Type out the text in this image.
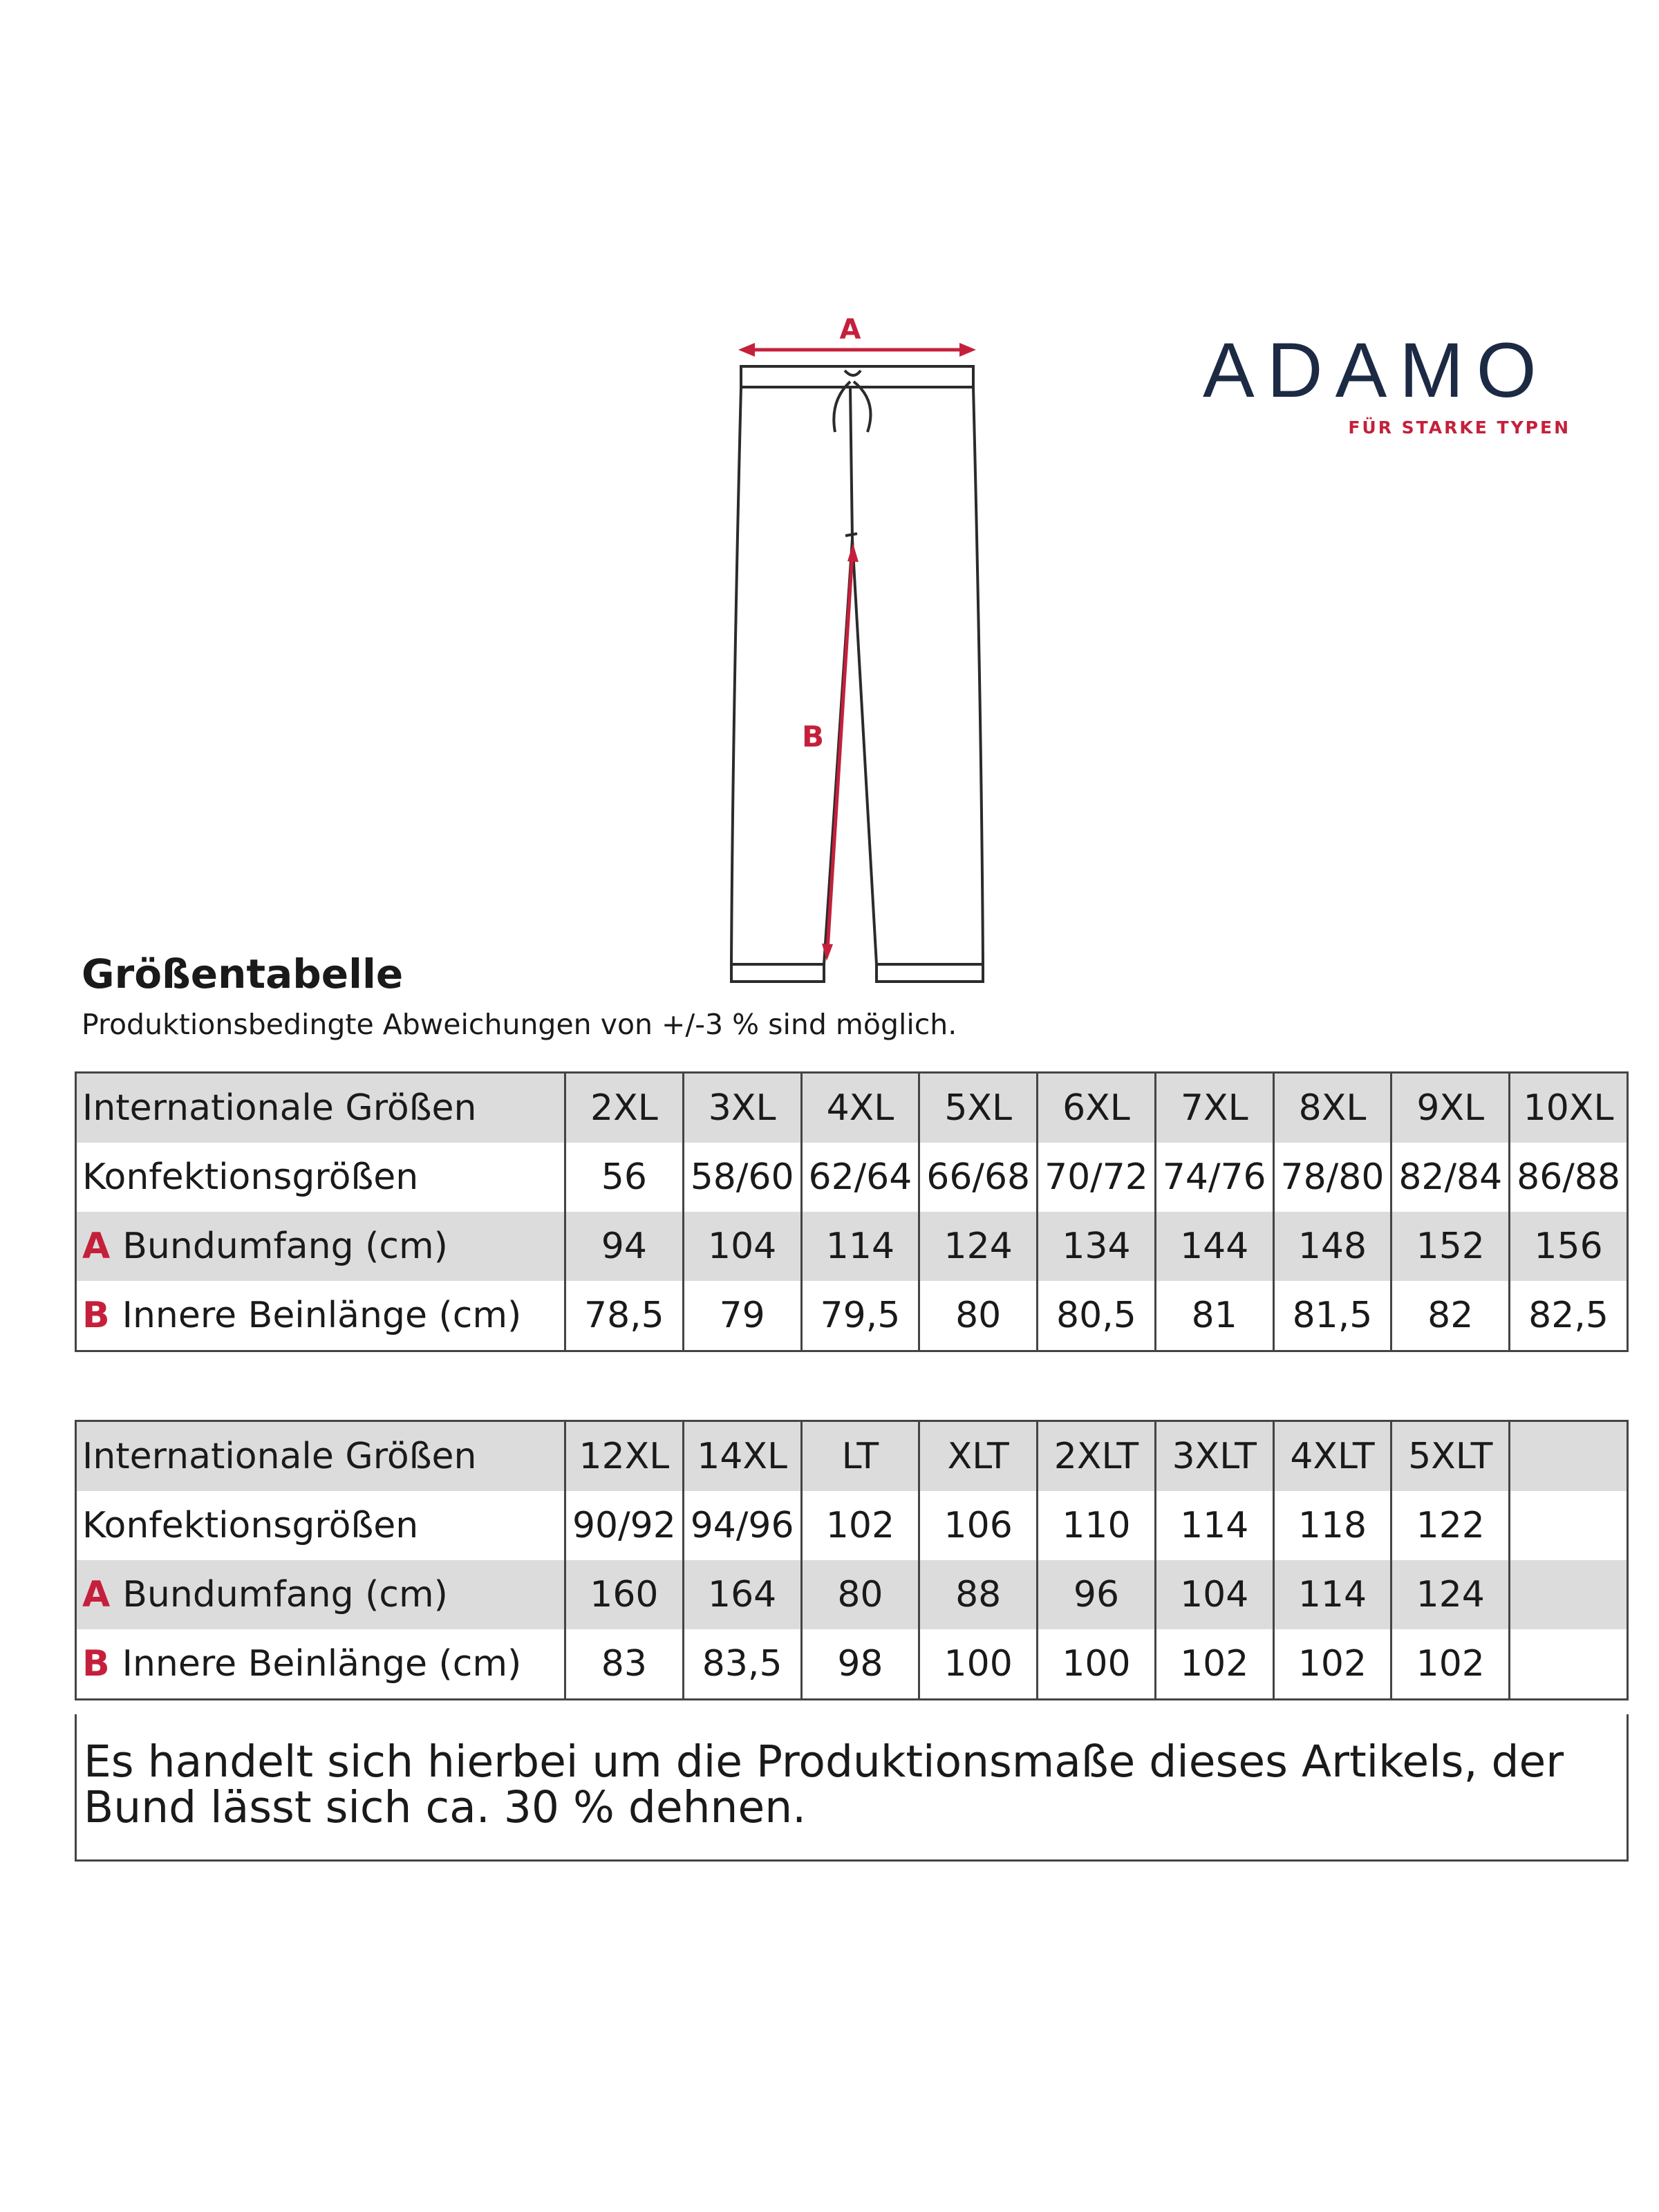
A
B
ADAMO
FÜR STARKE TYPEN
Größentabelle
Produktionsbedingte Abweichungen von +/-3 % sind möglich.
Internationale Größen	2XL	3XL	4XL	5XL	6XL	7XL	8XL	9XL	10XL
Konfektionsgrößen	56	58/60	62/64	66/68	70/72	74/76	78/80	82/84	86/88
A Bundumfang (cm)	94	104	114	124	134	144	148	152	156
B Innere Beinlänge (cm)	78,5	79	79,5	80	80,5	81	81,5	82	82,5
Internationale Größen	12XL	14XL	LT	XLT	2XLT	3XLT	4XLT	5XLT	
Konfektionsgrößen	90/92	94/96	102	106	110	114	118	122	
A Bundumfang (cm)	160	164	80	88	96	104	114	124	
B Innere Beinlänge (cm)	83	83,5	98	100	100	102	102	102	
Es handelt sich hierbei um die Produktionsmaße dieses Artikels, der Bund lässt sich ca. 30 % dehnen.
